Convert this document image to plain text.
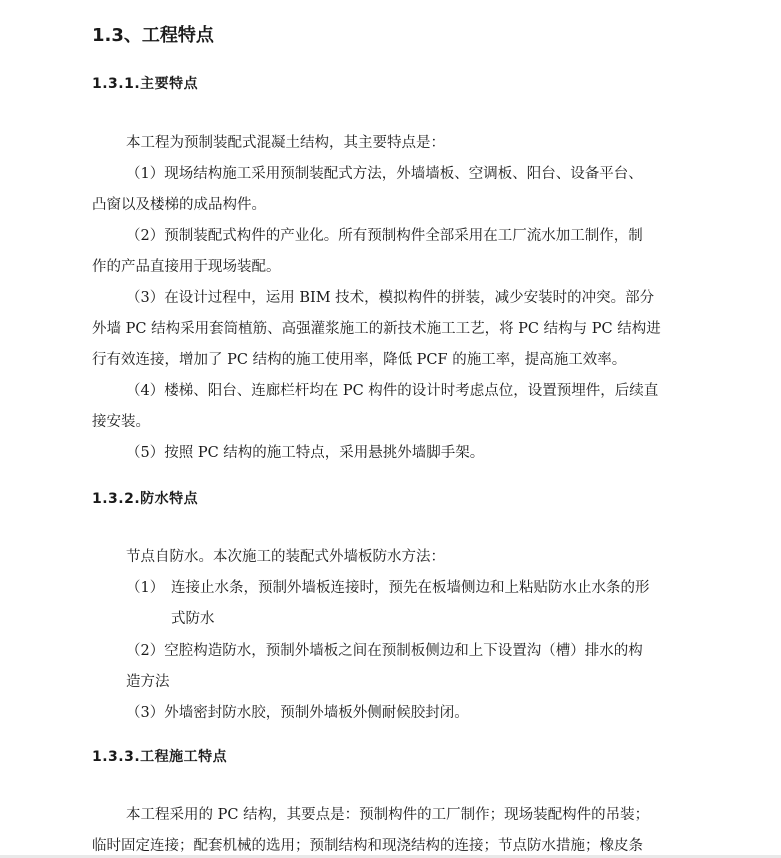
1.3、工程特点
1.3.1.主要特点

本工程为预制装配式混凝土结构，其主要特点是：

（1）现场结构施工采用预制装配式方法，外墙墙板、空调板、阳台、设备平台、

凸窗以及楼梯的成品构件。

（2）预制装配式构件的产业化。所有预制构件全部采用在工厂流水加工制作，制

作的产品直接用于现场装配。

（3）在设计过程中，运用 BIM 技术，模拟构件的拼装，减少安装时的冲突。部分

外墙 PC 结构采用套筒植筋、高强灌浆施工的新技术施工工艺，将 PC 结构与 PC 结构进

行有效连接，增加了 PC 结构的施工使用率，降低 PCF 的施工率，提高施工效率。

（4）楼梯、阳台、连廊栏杆均在 PC 构件的设计时考虑点位，设置预埋件，后续直

接安装。

（5）按照 PC 结构的施工特点，采用悬挑外墙脚手架。

1.3.2.防水特点

节点自防水。本次施工的装配式外墙板防水方法：

（1） 连接止水条，预制外墙板连接时，预先在板墙侧边和上粘贴防水止水条的形

式防水

（2）空腔构造防水，预制外墙板之间在预制板侧边和上下设置沟（槽）排水的构

造方法

（3）外墙密封防水胶，预制外墙板外侧耐候胶封闭。

1.3.3.工程施工特点

本工程采用的 PC 结构，其要点是：预制构件的工厂制作；现场装配构件的吊装；

临时固定连接；配套机械的选用；预制结构和现浇结构的连接；节点防水措施；橡皮条
